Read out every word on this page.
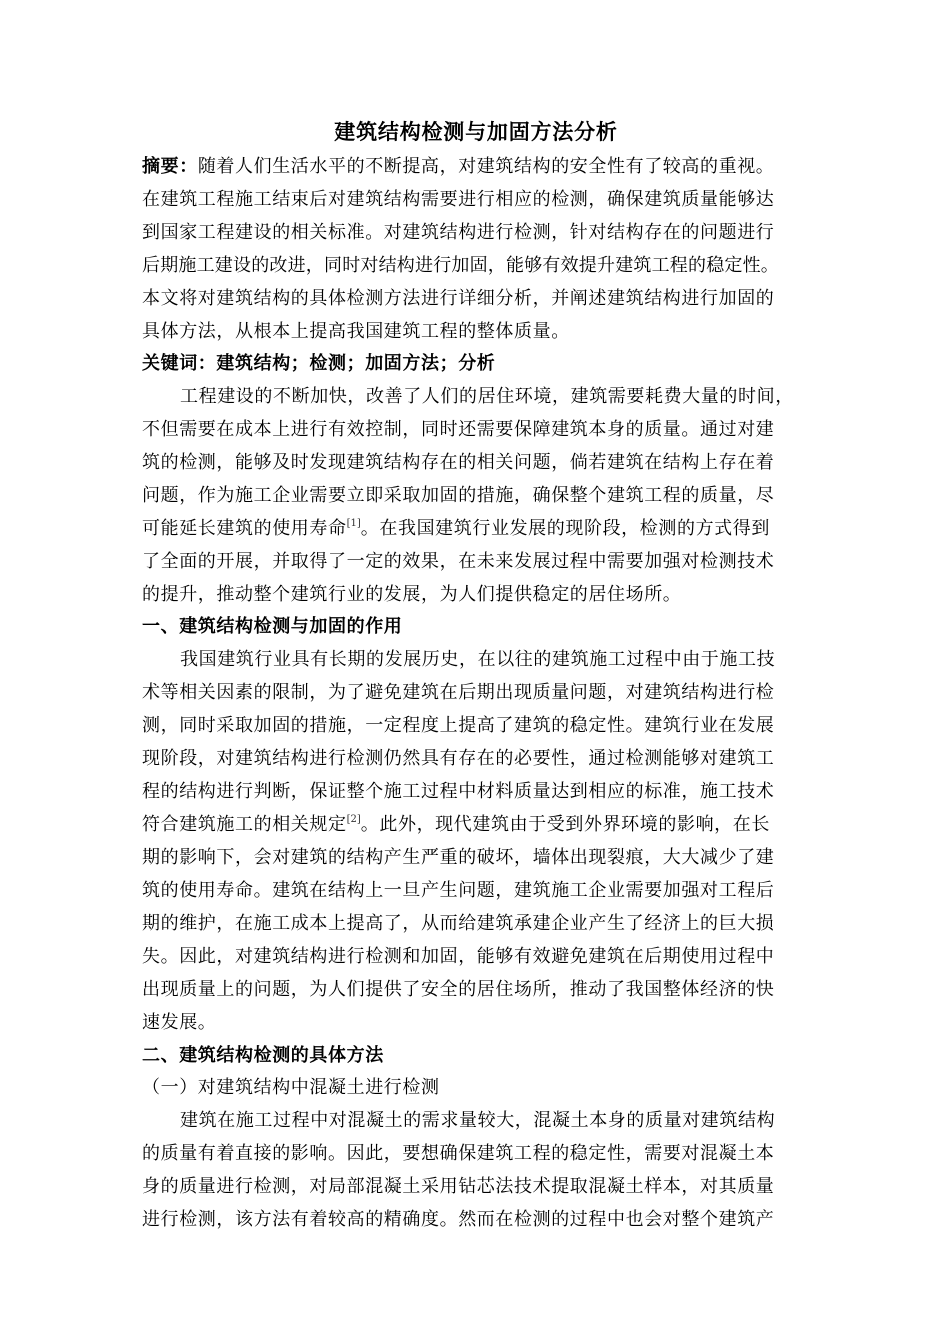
建筑结构检测与加固方法分析
摘要：随着人们生活水平的不断提高，对建筑结构的安全性有了较高的重视。
在建筑工程施工结束后对建筑结构需要进行相应的检测，确保建筑质量能够达
到国家工程建设的相关标准。对建筑结构进行检测，针对结构存在的问题进行
后期施工建设的改进，同时对结构进行加固，能够有效提升建筑工程的稳定性。
本文将对建筑结构的具体检测方法进行详细分析，并阐述建筑结构进行加固的
具体方法，从根本上提高我国建筑工程的整体质量。
关键词：建筑结构；检测；加固方法；分析
工程建设的不断加快，改善了人们的居住环境，建筑需要耗费大量的时间，
不但需要在成本上进行有效控制，同时还需要保障建筑本身的质量。通过对建
筑的检测，能够及时发现建筑结构存在的相关问题，倘若建筑在结构上存在着
问题，作为施工企业需要立即采取加固的措施，确保整个建筑工程的质量，尽
可能延长建筑的使用寿命[1]。在我国建筑行业发展的现阶段，检测的方式得到
了全面的开展，并取得了一定的效果，在未来发展过程中需要加强对检测技术
的提升，推动整个建筑行业的发展，为人们提供稳定的居住场所。
一、建筑结构检测与加固的作用
我国建筑行业具有长期的发展历史，在以往的建筑施工过程中由于施工技
术等相关因素的限制，为了避免建筑在后期出现质量问题，对建筑结构进行检
测，同时采取加固的措施，一定程度上提高了建筑的稳定性。建筑行业在发展
现阶段，对建筑结构进行检测仍然具有存在的必要性，通过检测能够对建筑工
程的结构进行判断，保证整个施工过程中材料质量达到相应的标准，施工技术
符合建筑施工的相关规定[2]。此外，现代建筑由于受到外界环境的影响，在长
期的影响下，会对建筑的结构产生严重的破坏，墙体出现裂痕，大大减少了建
筑的使用寿命。建筑在结构上一旦产生问题，建筑施工企业需要加强对工程后
期的维护，在施工成本上提高了，从而给建筑承建企业产生了经济上的巨大损
失。因此，对建筑结构进行检测和加固，能够有效避免建筑在后期使用过程中
出现质量上的问题，为人们提供了安全的居住场所，推动了我国整体经济的快
速发展。
二、建筑结构检测的具体方法
（一）对建筑结构中混凝土进行检测
建筑在施工过程中对混凝土的需求量较大，混凝土本身的质量对建筑结构
的质量有着直接的影响。因此，要想确保建筑工程的稳定性，需要对混凝土本
身的质量进行检测，对局部混凝土采用钻芯法技术提取混凝土样本，对其质量
进行检测，该方法有着较高的精确度。然而在检测的过程中也会对整个建筑产
